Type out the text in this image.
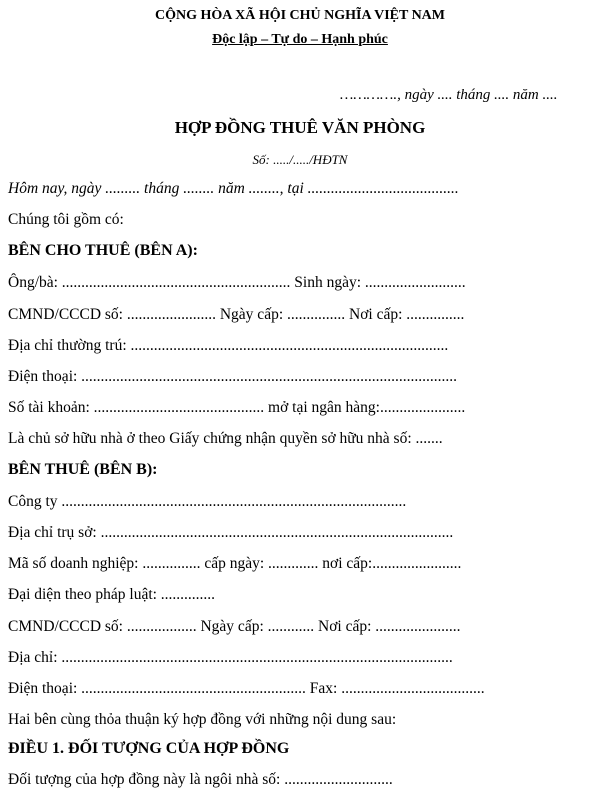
CỘNG HÒA XÃ HỘI CHỦ NGHĨA VIỆT NAM
Độc lập – Tự do – Hạnh phúc
…………., ngày .... tháng .... năm ....
HỢP ĐỒNG THUÊ VĂN PHÒNG
Số: ...../...../HĐTN
Hôm nay, ngày ......... tháng ........ năm ........, tại .......................................
Chúng tôi gồm có:
BÊN CHO THUÊ (BÊN A):
Ông/bà: ........................................................... Sinh ngày: ..........................
CMND/CCCD số: ....................... Ngày cấp: ............... Nơi cấp: ...............
Địa chỉ thường trú: ..................................................................................
Điện thoại: .................................................................................................
Số tài khoản: ............................................ mở tại ngân hàng:......................
Là chủ sở hữu nhà ở theo Giấy chứng nhận quyền sở hữu nhà số: .......
BÊN THUÊ (BÊN B):
Công ty .........................................................................................
Địa chỉ trụ sở: ...........................................................................................
Mã số doanh nghiệp: ............... cấp ngày: ............. nơi cấp:.......................
Đại diện theo pháp luật: ..............
CMND/CCCD số: .................. Ngày cấp: ............ Nơi cấp: ......................
Địa chỉ: .....................................................................................................
Điện thoại: .......................................................... Fax: .....................................
Hai bên cùng thỏa thuận ký hợp đồng với những nội dung sau:
ĐIỀU 1. ĐỐI TƯỢNG CỦA HỢP ĐỒNG
Đối tượng của hợp đồng này là ngôi nhà số: ............................
